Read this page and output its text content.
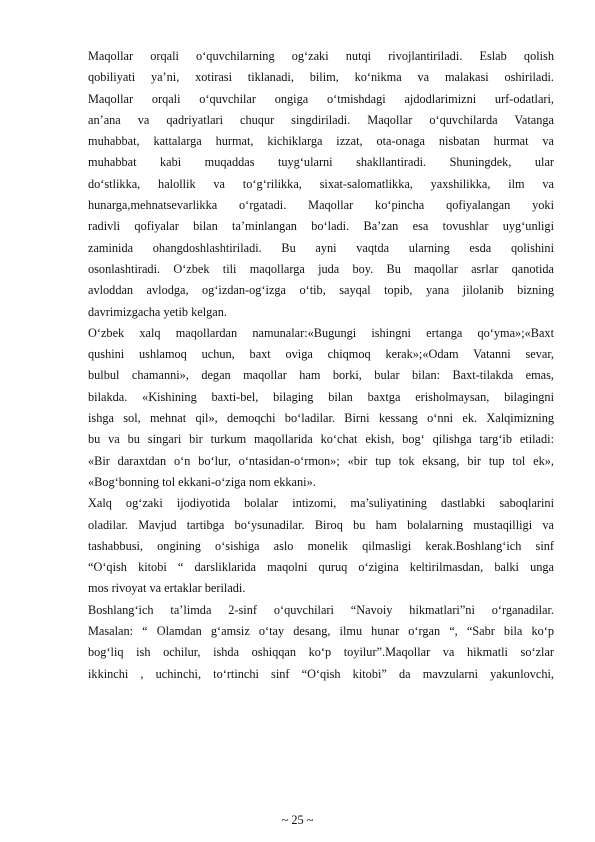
Maqollar orqali o‘quvchilarning og‘zaki nutqi rivojlantiriladi. Eslab qolish
qobiliyati ya’ni, xotirasi tiklanadi, bilim, ko‘nikma va malakasi oshiriladi.
Maqollar orqali o‘quvchilar ongiga o‘tmishdagi ajdodlarimizni urf-odatlari,
an’ana va qadriyatlari chuqur singdiriladi. Maqollar o‘quvchilarda Vatanga
muhabbat, kattalarga hurmat, kichiklarga izzat, ota-onaga nisbatan hurmat va
muhabbat kabi muqaddas tuyg‘ularni shakllantiradi. Shuningdek, ular
do‘stlikka, halollik va to‘g‘rilikka, sixat-salomatlikka, yaxshilikka, ilm va
hunarga,mehnatsevarlikka o‘rgatadi. Maqollar ko‘pincha qofiyalangan yoki
radivli qofiyalar bilan ta’minlangan bo‘ladi. Ba’zan esa tovushlar uyg‘unligi
zaminida ohangdoshlashtiriladi. Bu ayni vaqtda ularning esda qolishini
osonlashtiradi. O‘zbek tili maqollarga juda boy. Bu maqollar asrlar qanotida
avloddan avlodga, og‘izdan-og‘izga o‘tib, sayqal topib, yana jilolanib bizning
davrimizgacha yetib kelgan.
O‘zbek xalq maqollardan namunalar:«Bugungi ishingni ertanga qo‘yma»;«Baxt
qushini ushlamoq uchun, baxt oviga chiqmoq kerak»;«Odam Vatanni sevar,
bulbul chamanni», degan maqollar ham borki, bular bilan: Baxt-tilakda emas,
bilakda. «Kishining baxti-bel, bilaging bilan baxtga erisholmaysan, bilagingni
ishga sol, mehnat qil», demoqchi bo‘ladilar. Birni kessang o‘nni ek. Xalqimizning
bu va bu singari bir turkum maqollarida ko‘chat ekish, bog‘ qilishga targ‘ib etiladi:
«Bir daraxtdan o‘n bo‘lur, o‘ntasidan-o‘rmon»; «bir tup tok eksang, bir tup tol ek»,
«Bog‘bonning tol ekkani-o‘ziga nom ekkani».
Xalq og‘zaki ijodiyotida bolalar intizomi, ma’suliyatining dastlabki saboqlarini
oladilar. Mavjud tartibga bo‘ysunadilar. Biroq bu ham bolalarning mustaqilligi va
tashabbusi, ongining o‘sishiga aslo monelik qilmasligi kerak.Boshlang‘ich sinf
“O‘qish kitobi “ darsliklarida maqolni quruq o‘zigina keltirilmasdan, balki unga
mos rivoyat va ertaklar beriladi.
Boshlang‘ich ta’limda 2-sinf o‘quvchilari “Navoiy hikmatlari”ni o‘rganadilar.
Masalan: “ Olamdan g‘amsiz o‘tay desang, ilmu hunar o‘rgan “, “Sabr bila ko‘p
bog‘liq ish ochilur, ishda oshiqqan ko‘p toyilur”.Maqollar va hikmatli so‘zlar
ikkinchi , uchinchi, to‘rtinchi sinf “O‘qish kitobi” da mavzularni yakunlovchi,
~ 25 ~
